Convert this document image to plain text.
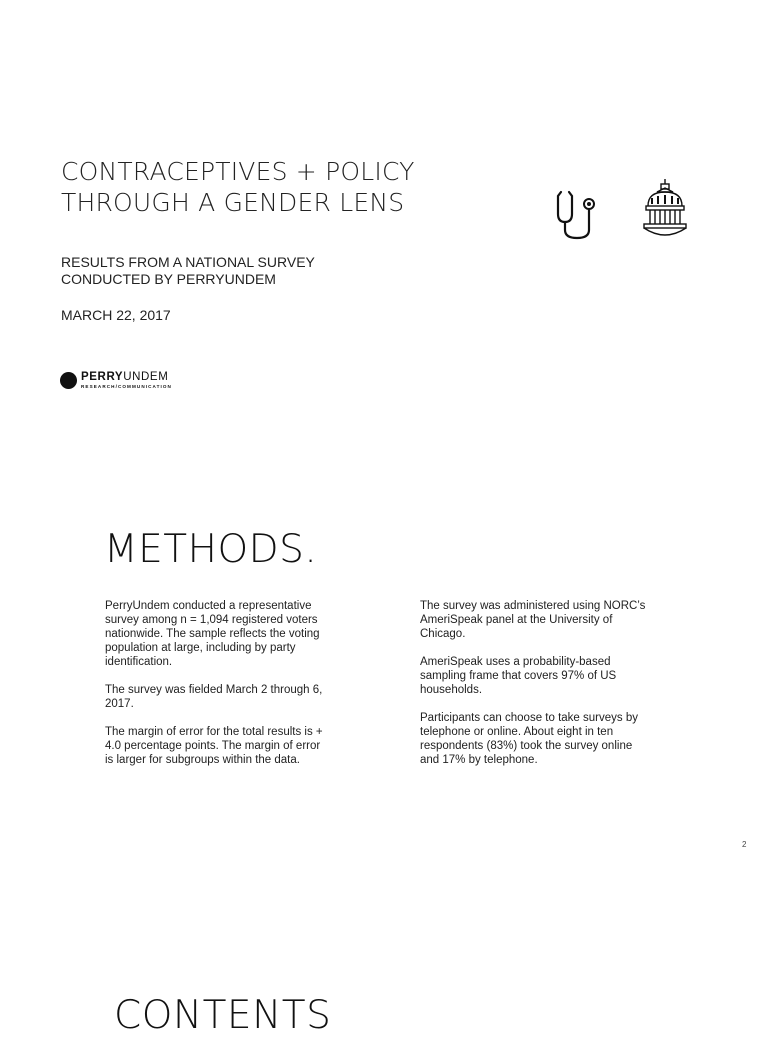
CONTRACEPTIVES + POLICY
THROUGH A GENDER LENS

RESULTS FROM A NATIONAL SURVEY
CONDUCTED BY PERRYUNDEM

MARCH 22, 2017

PERRYUNDEM
RESEARCH/COMMUNICATION
METHODS.

PerryUndem conducted a representative survey among n = 1,094 registered voters nationwide. The sample reflects the voting population at large, including by party identification.

The survey was fielded March 2 through 6, 2017.

The margin of error for the total results is + 4.0 percentage points. The margin of error is larger for subgroups within the data.

The survey was administered using NORC’s AmeriSpeak panel at the University of Chicago.

AmeriSpeak uses a probability-based sampling frame that covers 97% of US households.

Participants can choose to take surveys by telephone or online. About eight in ten respondents (83%) took the survey online and 17% by telephone.

2
CONTENTS
